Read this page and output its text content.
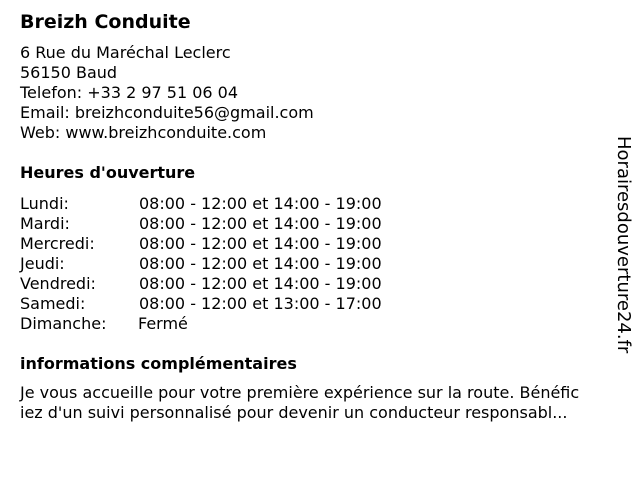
Breizh Conduite
6 Rue du Maréchal Leclerc
56150 Baud
Telefon: +33 2 97 51 06 04
Email: breizhconduite56@gmail.com
Web: www.breizhconduite.com
Heures d'ouverture
Lundi:	08:00 - 12:00 et 14:00 - 19:00
Mardi:	08:00 - 12:00 et 14:00 - 19:00
Mercredi:	08:00 - 12:00 et 14:00 - 19:00
Jeudi:	08:00 - 12:00 et 14:00 - 19:00
Vendredi:	08:00 - 12:00 et 14:00 - 19:00
Samedi:	08:00 - 12:00 et 13:00 - 17:00
Dimanche: Fermé
informations complémentaires
Je vous accueille pour votre première expérience sur la route. Bénéfic
iez d'un suivi personnalisé pour devenir un conducteur responsabl...
Horairesdouverture24.fr
